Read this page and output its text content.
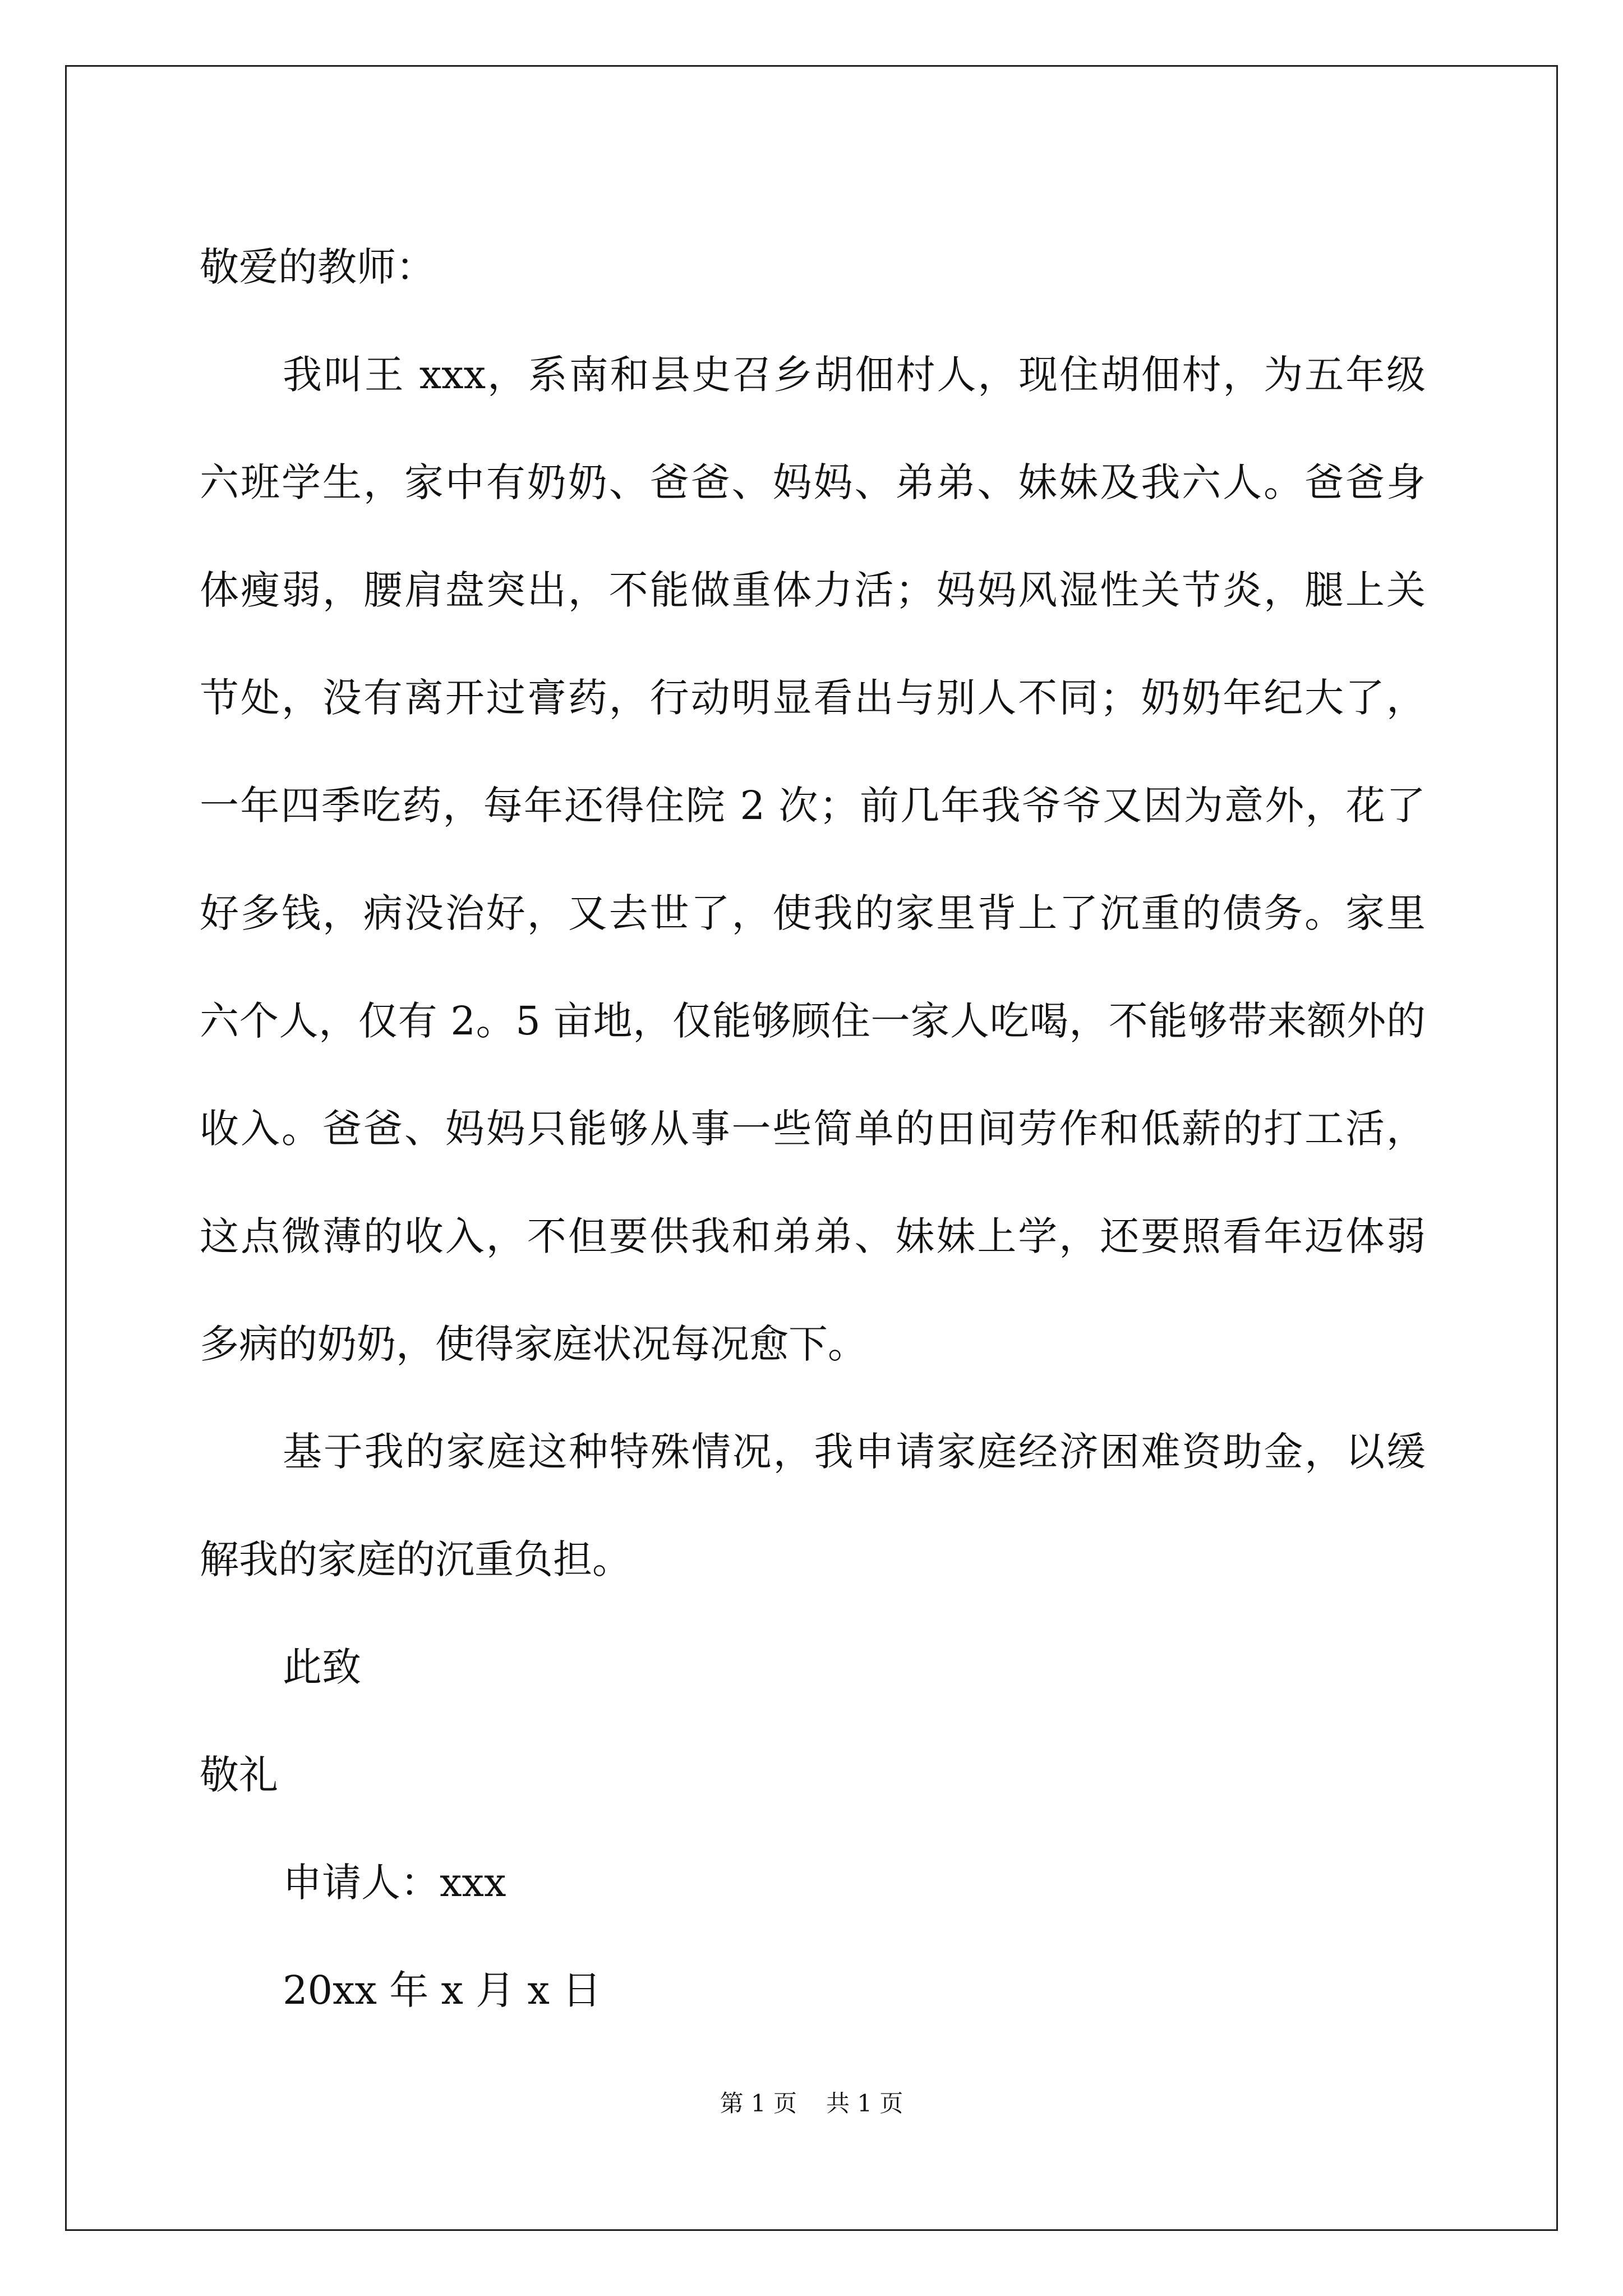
敬爱的教师：
我叫王 xxx，系南和县史召乡胡佃村人，现住胡佃村，为五年级
六班学生，家中有奶奶、爸爸、妈妈、弟弟、妹妹及我六人。爸爸身
体瘦弱，腰肩盘突出，不能做重体力活；妈妈风湿性关节炎，腿上关
节处，没有离开过膏药，行动明显看出与别人不同；奶奶年纪大了，
一年四季吃药，每年还得住院 2 次；前几年我爷爷又因为意外，花了
好多钱，病没治好，又去世了，使我的家里背上了沉重的债务。家里
六个人，仅有 2。5 亩地，仅能够顾住一家人吃喝，不能够带来额外的
收入。爸爸、妈妈只能够从事一些简单的田间劳作和低薪的打工活，
这点微薄的收入，不但要供我和弟弟、妹妹上学，还要照看年迈体弱
多病的奶奶，使得家庭状况每况愈下。
基于我的家庭这种特殊情况，我申请家庭经济困难资助金，以缓
解我的家庭的沉重负担。
此致
敬礼
申请人：xxx
20xx 年 x 月 x 日
第 1 页 共 1 页
